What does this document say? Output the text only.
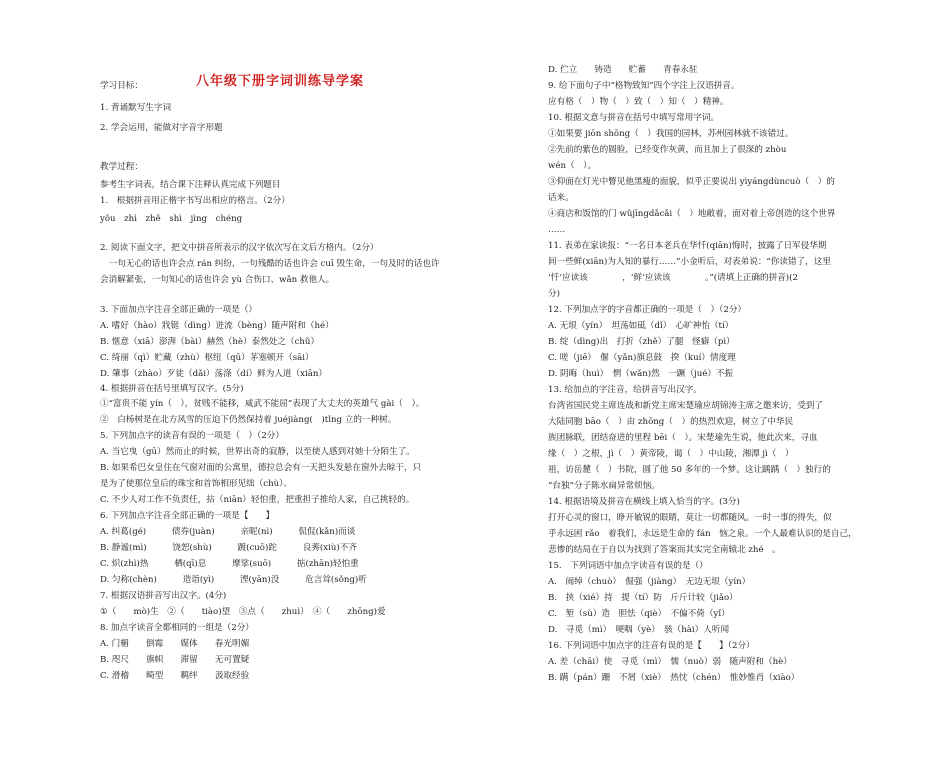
八年级下册字词训练导学案
学习目标：
1. 背诵默写生字词
2. 学会运用，能做对字音字形题
教学过程：
参考生字词表，结合课下注释认真完成下列题目
1.　根据拼音用正楷字书写出相应的格言。（2分）
yǒu　zhì　zhě　shì　jìng　chéng
2. 阅读下面文字，把文中拼音所表示的汉字依次写在文后方格内。（2分）
　一句无心的话也许会点 rán 纠纷，一句残酷的话也许会 cuī 毁生命，一句及时的话也许
会消解紧张，一句知心的话也许会 yù 合伤口、wǎn 救他人。
3. 下面加点字注音全部正确的一项是（）
A. 嗜好（hào）戕铤（dìng）迸流（bèng）随声附和（hé）
B. 惬意（xiā）澎湃（bài）赫然（hè）泰然处之（chǔ）
C. 绮丽（qì）贮藏（zhù）枢纽（qū）茅塞顿开（sāi）
D. 肇事（zhào）歹徒（dǎi）荡涤（dí）鲜为人道（xiān）
4. 根据拼音在括号里填写汉字。(5分)
①“富贵不能 yín（　），贫贱不能移，威武不能屈”表现了大丈夫的英雄气 gài（　）。
②　白杨树是在北方风雪的压迫下仍然保持着 juéjiàng(　)tǐng 立的一种树。
5. 下列加点字的读音有误的一项是（　）（2分）
A. 当它曳（gū）然而止的时候，世界出奇的寂静，以至使人感到对她十分陌生了。
B. 如果希巴女皇住在气窗对面的公寓里，德拉总会有一天把头发悬在窗外去晾干，只
是为了使那位皇后的珠宝和首饰相形见绌（chù）。
C. 不少人对工作不负责任，拈（niān）轻怕重，把重担子推给人家，自己挑轻的。
6. 下列加点字注音全部正确的一项是【　　】
A. 纠葛(gé)　　　债券(juàn)　　　亲昵(nì)　　　侃侃(kǎn)而谈
B. 静谧(mì)　　　饶恕(shù)　　　踱(cuō)跎　　　良莠(xiù)不齐
C. 炽(zhì)热　　　栖(qī)息　　　摩挲(suō)　　　掂(zhān)轻怕重
D. 匀称(chèn)　　　造诣(yì)　　　湮(yān)没　　　危言耸(sǒng)听
7. 根据汉语拼音写出汉字。(4分)
①（　　mò)生　②（　　tiào)望　③点（　　zhuì）　④（　　zhōng)爱
8. 加点字读音全都相同的一组是（2分）
A. 门楣　　倒霉　　媒体　　春光明媚
B. 咫尺　　旗帜　　滞留　　无可置疑
C. 滑稽　　畸型　　羁绊　　汲取经验
D. 伫立　　铸造　　贮蓄　　青春永驻
9. 给下面句子中“格物致知”四个字注上汉语拼音。
应有格（　）物（　）致（　）知（　）精神。
10. 根据文意与拼音在括号中填写常用字词。
①如果要 jiōn shōng（　）我国的园林，苏州园林就不该错过。
②先前的紫色的圆脸，已经变作灰黄，而且加上了很深的 zhòu
wén（　）。
③仰面在灯光中瞥见他黑瘦的面貌，似乎正要说出 yìyángdùncuò（　）的
话来。
④商店和饭馆的门 wǔjīngdǎcǎi（　）地敞着，面对着上帝创造的这个世界
……
11. 表弟在家读报：“一名日本老兵在华忏(qiān)悔时，披露了日军侵华期
间一些鲜(xiān)为人知的暴行……”小金听后，对表弟说：“你读错了，这里
‘忏’应读该　　　　，‘鲜’应读该　　　　。”(请填上正确的拼音)(2
分)
12. 下列加点字的字音都正确的一项是（　）（2分）
A. 无垠（yín）　坦荡如砥（dǐ）　心旷神怡（tí）
B. 绽（dìng)出　打折（zhě）了腿　怪癖（pì）
C. 嗟（jiē）　偃（yǎn)旗息鼓　揆（kuí）情度理
D. 阴晦（huì）　惘（wǎn)然　一蹶（jué）不振
13. 给加点的字注音，给拼音写出汉字。
台湾省国民党主席连战和新党主席宋楚瑜应胡锦涛主席之邀来访，受到了
大陆同胞 bāo（　）由 zhōng（　）的热烈欢迎，树立了中华民
族团脉联，团结奋进的里程 bēi（　）。宋楚瑜先生说，他此次来，寻血
缘（　）之根，jì（　）黄帝陵，谒（　）中山陵，湘潭 jì（　）
祖，访岳麓（　）书院，圆了他 50 多年的一个梦。这让踽踽（　）独行的
“台独”分子陈水扁异常烦恼。
14. 根据语境及拼音在横线上填入恰当的字。(3分)
打开心灵的窗口，睁开敏锐的眼睛，莫让一切都随风。一时一事的得失，似
乎永远困 rǎo　着我们，永远是生命的 fán　恼之泉。一个人最难认识的是自己，
悲惨的结局在于自以为找到了答案而其实完全南辕北 zhé　。
15.　下列词语中加点字读音有误的是（）
A.　闹绰（chuò）　倔强（jiàng）　无边无垠（yín）
B.　挟（xié）持　提（tí）防　斤斤计较（jiǎo）
C.　堑（sù）造　胆怯（qiè）　不偏不倚（yǐ）
D.　寻觅（mì）　哽咽（yè）　骇（hài）人听闻
16. 下列词语中加点字的注音有误的是【　　】（2分）
A. 差（chāi）使　寻觅（mì）　懦（nuò）弱　随声附和（hè）
B. 蹒（pán）跚　不屑（xiè）　热忱（chén）　惟妙惟肖（xiào）
